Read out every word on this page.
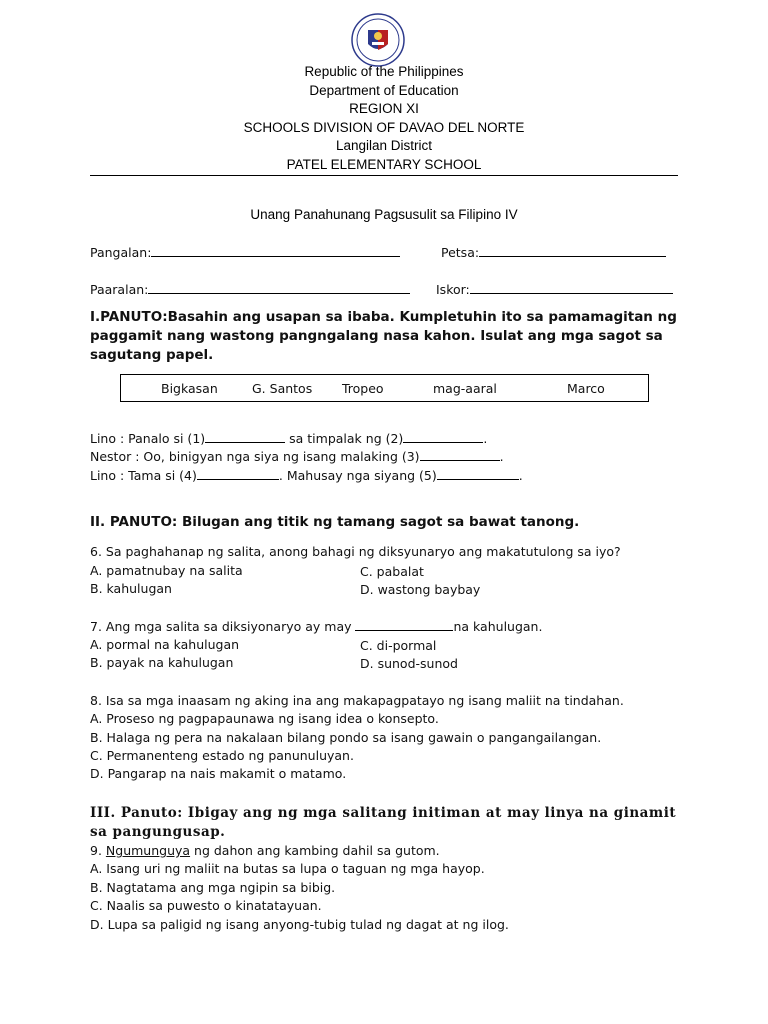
Republic of the Philippines
Department of Education
REGION XI
SCHOOLS DIVISION OF DAVAO DEL NORTE
Langilan District
PATEL ELEMENTARY SCHOOL
Unang Panahunang Pagsusulit sa Filipino IV
Pangalan:	Petsa:
Paaralan:	Iskor:
I.PANUTO:Basahin ang usapan sa ibaba. Kumpletuhin ito sa pamamagitan ng paggamit nang wastong pangngalang nasa kahon. Isulat ang mga sagot sa sagutang papel.
Bigkasan	G. Santos Tropeo	mag-aaral	Marco
Lino : Panalo si (1)	sa timpalak ng (2)	.
Nestor : Oo, binigyan nga siya ng isang malaking (3)	.
Lino : Tama si (4)	. Mahusay nga siyang (5)	.
II. PANUTO: Bilugan ang titik ng tamang sagot sa bawat tanong.
6. Sa paghahanap ng salita, anong bahagi ng diksyunaryo ang makatutulong sa iyo?
A. pamatnubay na salita	C. pabalat
B. kahulugan	D. wastong baybay
7. Ang mga salita sa diksiyonaryo ay may	na kahulugan.
A. pormal na kahulugan	C. di-pormal
B. payak na kahulugan	D. sunod-sunod
8. Isa sa mga inaasam ng aking ina ang makapagpatayo ng isang maliit na tindahan.
A. Proseso ng pagpapaunawa ng isang idea o konsepto.
B. Halaga ng pera na nakalaan bilang pondo sa isang gawain o pangangailangan.
C. Permanenteng estado ng panunuluyan.
D. Pangarap na nais makamit o matamo.
III. Panuto: Ibigay ang ng mga salitang initiman at may linya na ginamit sa pangungusap.
9. Ngumunguya ng dahon ang kambing dahil sa gutom.
A. Isang uri ng maliit na butas sa lupa o taguan ng mga hayop.
B. Nagtatama ang mga ngipin sa bibig.
C. Naalis sa puwesto o kinatatayuan.
D. Lupa sa paligid ng isang anyong-tubig tulad ng dagat at ng ilog.
